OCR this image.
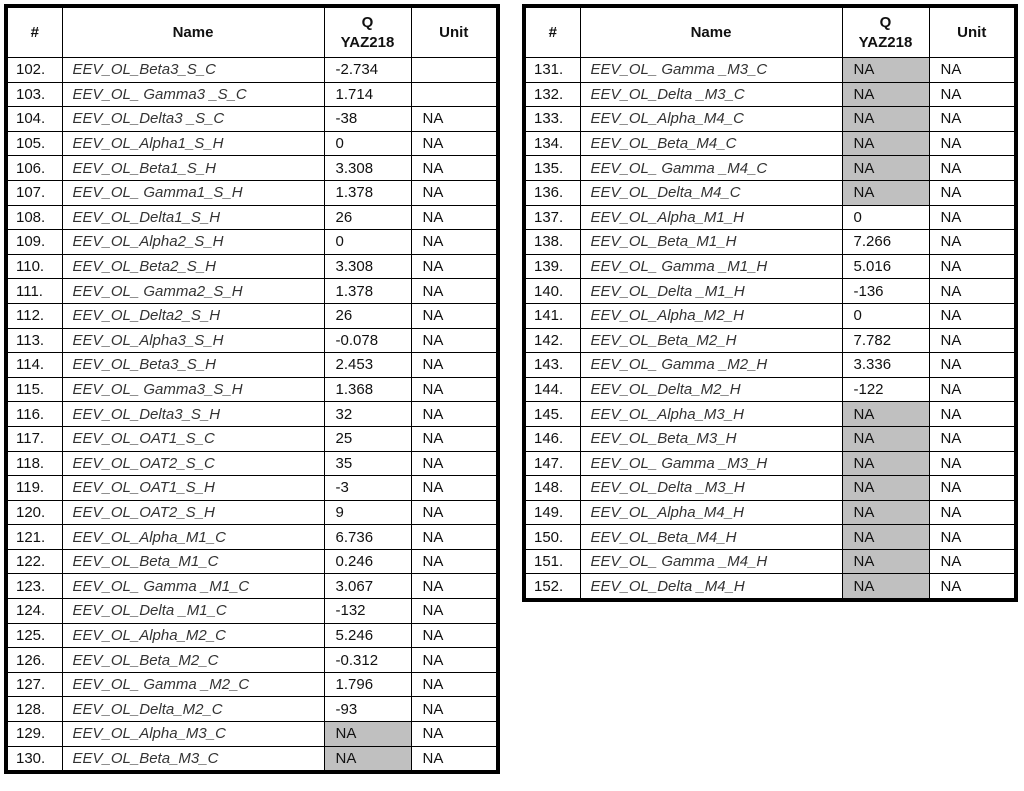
#	Name	Q
YAZ218	Unit
102.	EEV_OL_Beta3_S_C	-2.734	
103.	EEV_OL_ Gamma3 _S_C	1.714	
104.	EEV_OL_Delta3 _S_C	-38	NA
105.	EEV_OL_Alpha1_S_H	0	NA
106.	EEV_OL_Beta1_S_H	3.308	NA
107.	EEV_OL_ Gamma1_S_H	1.378	NA
108.	EEV_OL_Delta1_S_H	26	NA
109.	EEV_OL_Alpha2_S_H	0	NA
110.	EEV_OL_Beta2_S_H	3.308	NA
111.	EEV_OL_ Gamma2_S_H	1.378	NA
112.	EEV_OL_Delta2_S_H	26	NA
113.	EEV_OL_Alpha3_S_H	-0.078	NA
114.	EEV_OL_Beta3_S_H	2.453	NA
115.	EEV_OL_ Gamma3_S_H	1.368	NA
116.	EEV_OL_Delta3_S_H	32	NA
117.	EEV_OL_OAT1_S_C	25	NA
118.	EEV_OL_OAT2_S_C	35	NA
119.	EEV_OL_OAT1_S_H	-3	NA
120.	EEV_OL_OAT2_S_H	9	NA
121.	EEV_OL_Alpha_M1_C	6.736	NA
122.	EEV_OL_Beta_M1_C	0.246	NA
123.	EEV_OL_ Gamma _M1_C	3.067	NA
124.	EEV_OL_Delta _M1_C	-132	NA
125.	EEV_OL_Alpha_M2_C	5.246	NA
126.	EEV_OL_Beta_M2_C	-0.312	NA
127.	EEV_OL_ Gamma _M2_C	1.796	NA
128.	EEV_OL_Delta_M2_C	-93	NA
129.	EEV_OL_Alpha_M3_C	NA	NA
130.	EEV_OL_Beta_M3_C	NA	NA
#	Name	Q
YAZ218	Unit
131.	EEV_OL_ Gamma _M3_C	NA	NA
132.	EEV_OL_Delta _M3_C	NA	NA
133.	EEV_OL_Alpha_M4_C	NA	NA
134.	EEV_OL_Beta_M4_C	NA	NA
135.	EEV_OL_ Gamma _M4_C	NA	NA
136.	EEV_OL_Delta_M4_C	NA	NA
137.	EEV_OL_Alpha_M1_H	0	NA
138.	EEV_OL_Beta_M1_H	7.266	NA
139.	EEV_OL_ Gamma _M1_H	5.016	NA
140.	EEV_OL_Delta _M1_H	-136	NA
141.	EEV_OL_Alpha_M2_H	0	NA
142.	EEV_OL_Beta_M2_H	7.782	NA
143.	EEV_OL_ Gamma _M2_H	3.336	NA
144.	EEV_OL_Delta_M2_H	-122	NA
145.	EEV_OL_Alpha_M3_H	NA	NA
146.	EEV_OL_Beta_M3_H	NA	NA
147.	EEV_OL_ Gamma _M3_H	NA	NA
148.	EEV_OL_Delta _M3_H	NA	NA
149.	EEV_OL_Alpha_M4_H	NA	NA
150.	EEV_OL_Beta_M4_H	NA	NA
151.	EEV_OL_ Gamma _M4_H	NA	NA
152.	EEV_OL_Delta _M4_H	NA	NA
